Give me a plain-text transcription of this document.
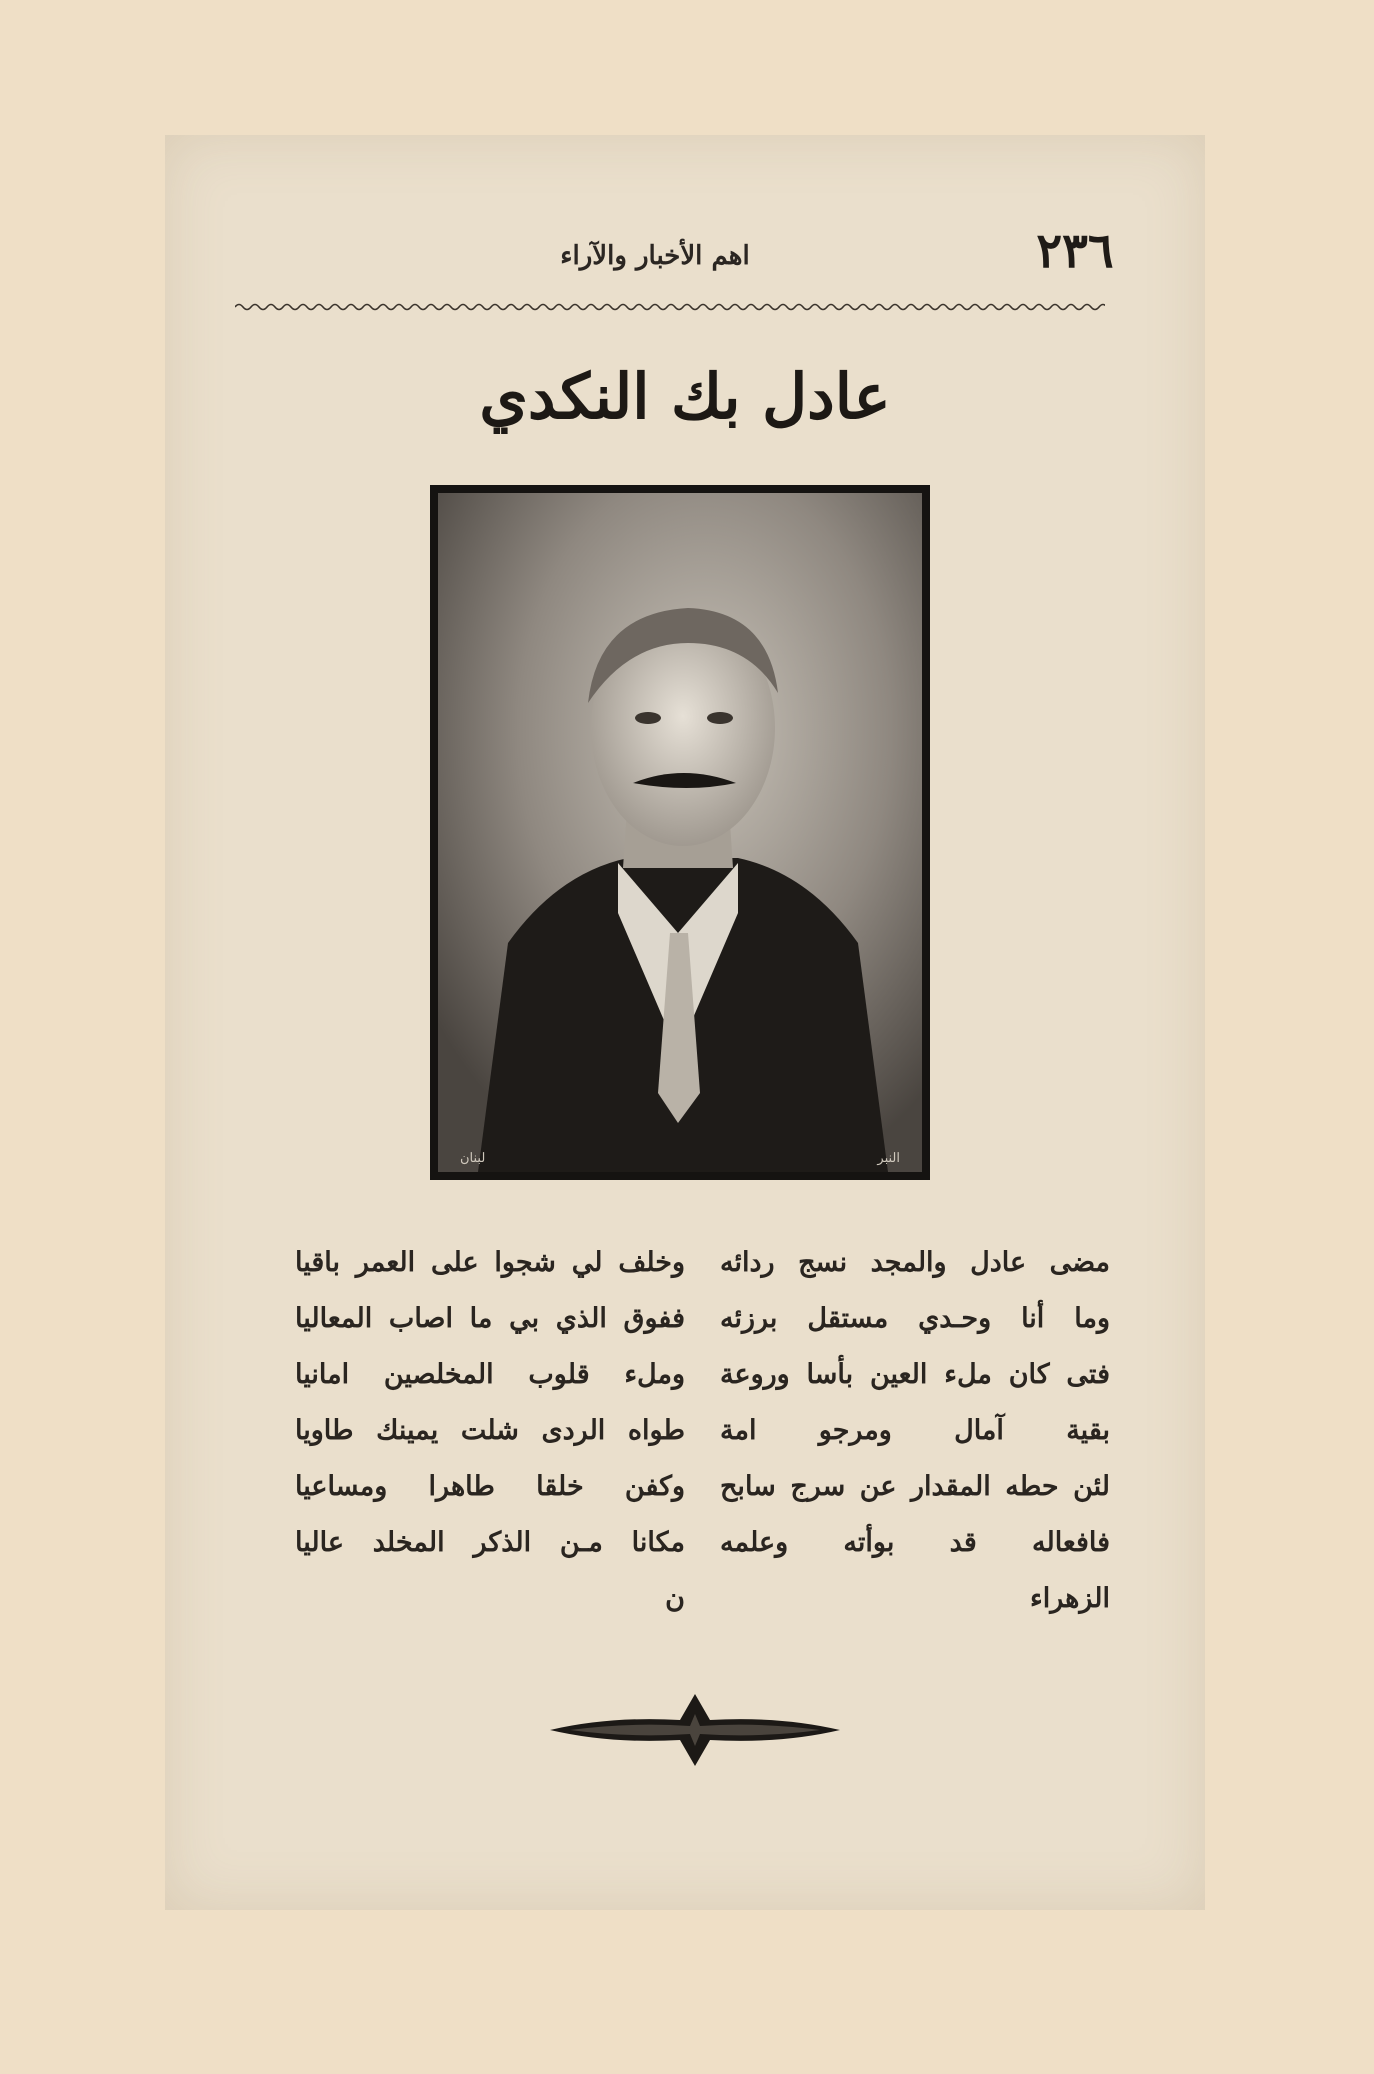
٢٣٦
اهم الأخبار والآراء
عادل بك النكدي
لبنان	النبر
مضى عادل والمجد نسج ردائه
وما أنا وحـدي مستقل برزئه
فتى كان ملء العين بأسا وروعة
بقية آمال ومرجو امة
لئن حطه المقدار عن سرج سابح
فافعاله قد بوأته وعلمه
الزهراء
وخلف لي شجوا على العمر باقيا
ففوق الذي بي ما اصاب المعاليا
وملء قلوب المخلصين امانيا
طواه الردى شلت يمينك طاويا
وكفن خلقا طاهرا ومساعيا
مكانا مـن الذكر المخلد عاليا
ن
